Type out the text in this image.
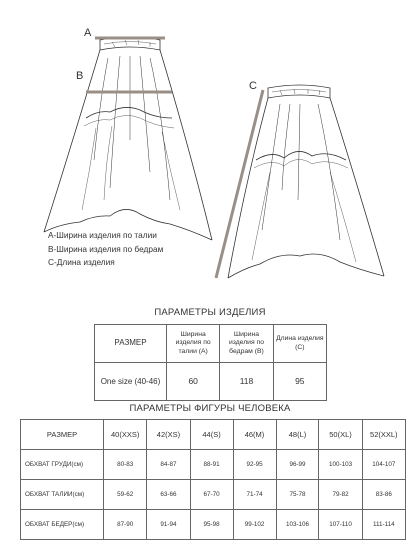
A
B
C
A-Ширина изделия по талии
B-Ширина изделия по бедрам
C-Длина изделия
ПАРАМЕТРЫ ИЗДЕЛИЯ
РАЗМЕР	Ширина изделия по талии (А)	Ширина изделия по бедрам (В)	Длина изделия (С)
One size (40-46)	60	118	95
ПАРАМЕТРЫ ФИГУРЫ ЧЕЛОВЕКА
РАЗМЕР	40(XXS)	42(XS)	44(S)	46(M)	48(L)	50(XL)	52(XXL)
ОБХВАТ ГРУДИ(см)	80-83	84-87	88-91	92-95	96-99	100-103	104-107
ОБХВАТ ТАЛИИ(см)	59-62	63-66	67-70	71-74	75-78	79-82	83-86
ОБХВАТ БЕДЕР(см)	87-90	91-94	95-98	99-102	103-106	107-110	111-114
